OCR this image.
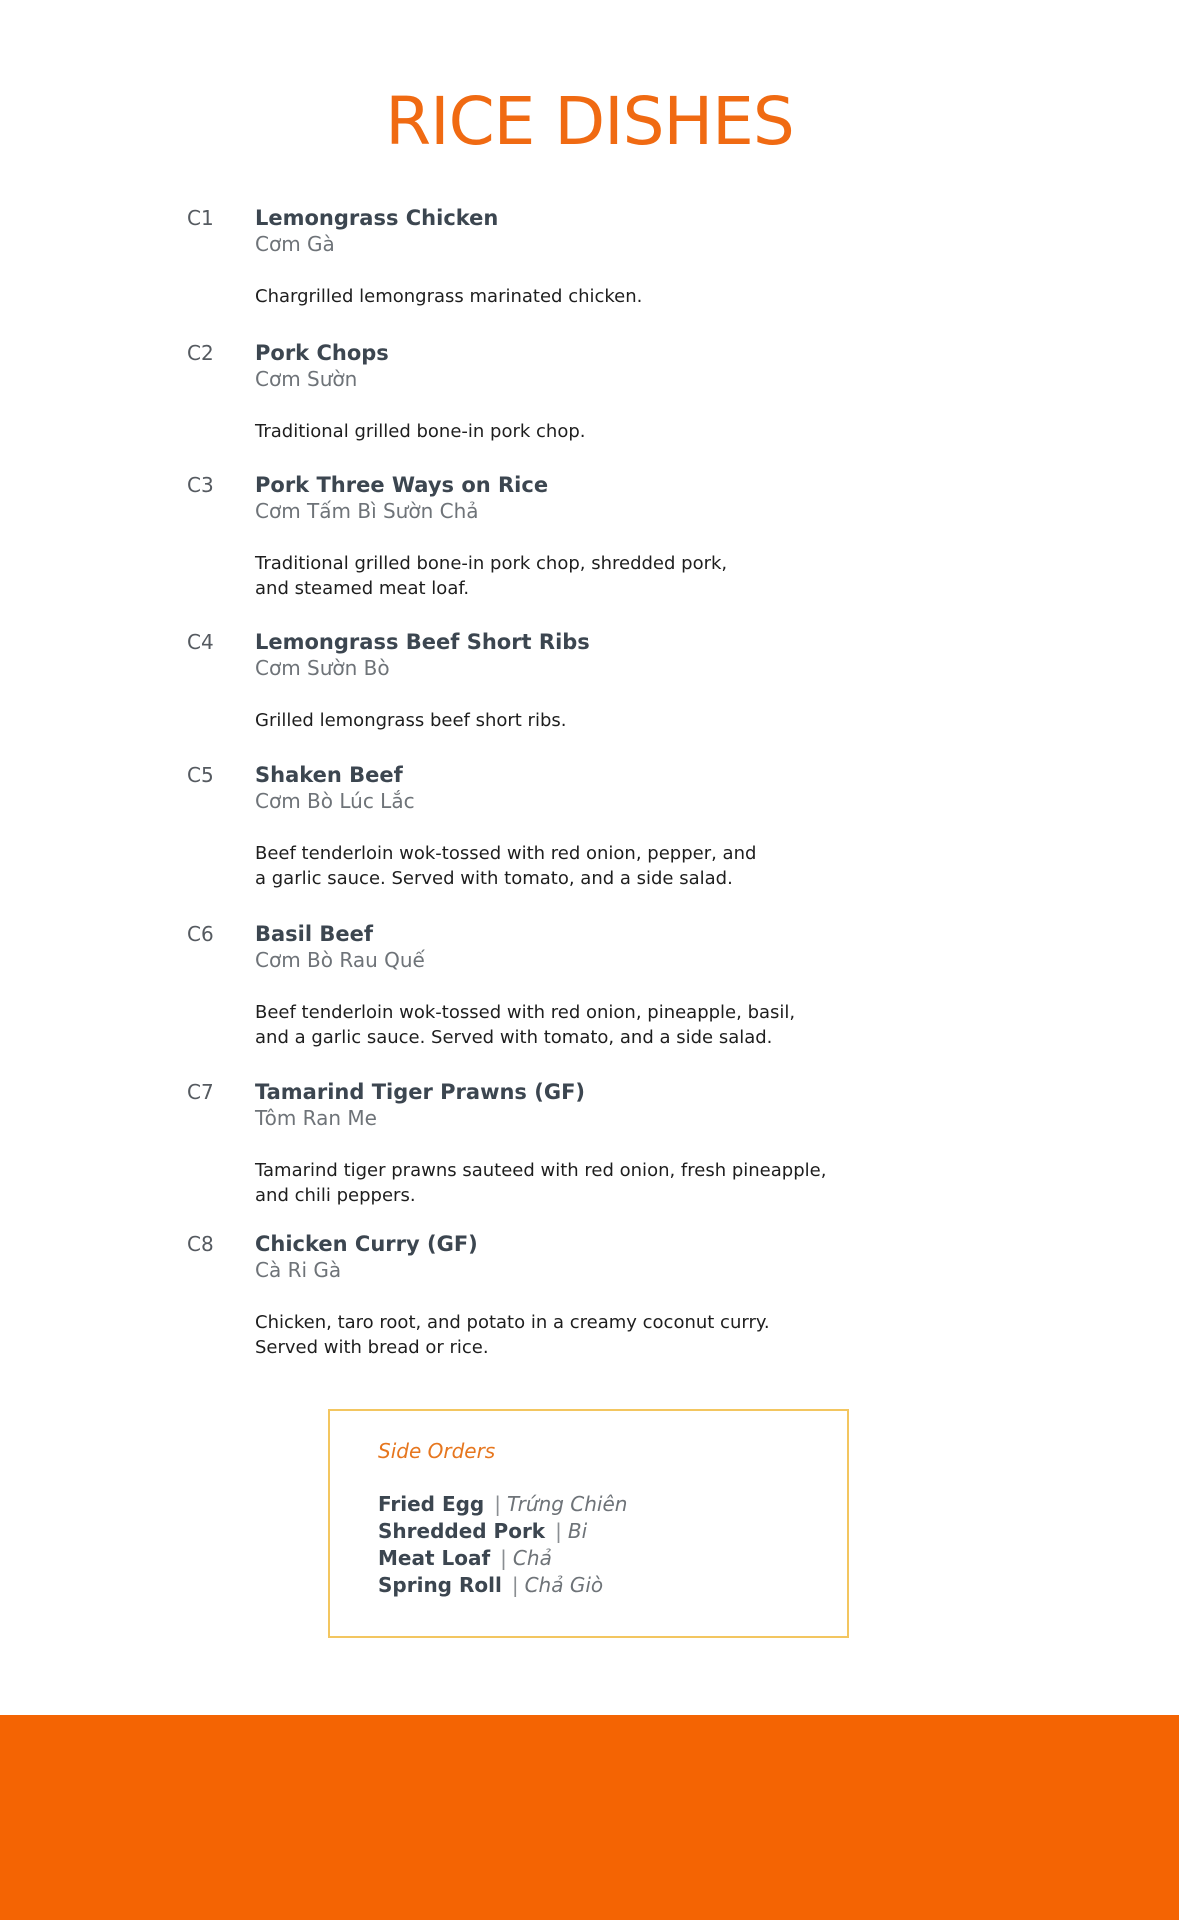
RICE DISHES
C1 Lemongrass Chicken
Cơm Gà
Chargrilled lemongrass marinated chicken.
C2 Pork Chops
Cơm Sườn
Traditional grilled bone-in pork chop.
C3 Pork Three Ways on Rice
Cơm Tấm Bì Sườn Chả
Traditional grilled bone-in pork chop, shredded pork,
and steamed meat loaf.
C4 Lemongrass Beef Short Ribs
Cơm Sườn Bò
Grilled lemongrass beef short ribs.
C5 Shaken Beef
Cơm Bò Lúc Lắc
Beef tenderloin wok-tossed with red onion, pepper, and
a garlic sauce. Served with tomato, and a side salad.
C6 Basil Beef
Cơm Bò Rau Quế
Beef tenderloin wok-tossed with red onion, pineapple, basil,
and a garlic sauce. Served with tomato, and a side salad.
C7 Tamarind Tiger Prawns (GF)
Tôm Ran Me
Tamarind tiger prawns sauteed with red onion, fresh pineapple,
and chili peppers.
C8 Chicken Curry (GF)
Cà Ri Gà
Chicken, taro root, and potato in a creamy coconut curry.
Served with bread or rice.
Side Orders
Fried Egg | Trứng Chiên
Shredded Pork | Bi
Meat Loaf | Chả
Spring Roll | Chả Giò
